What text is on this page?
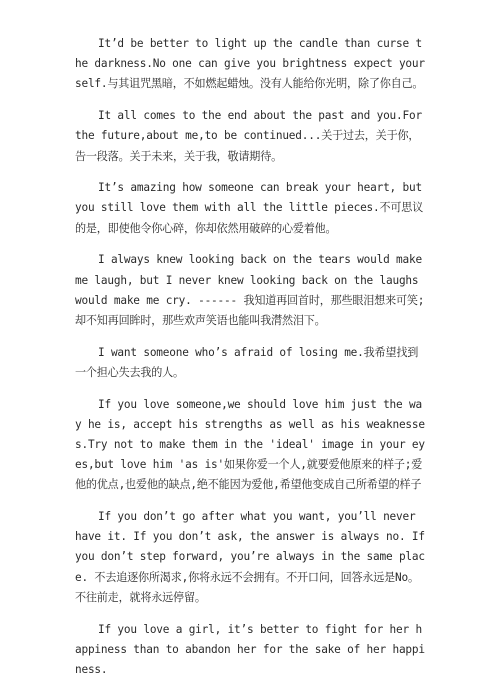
It’d be better to light up the candle than curse the darkness.No one can give you brightness expect yourself.与其诅咒黑暗，不如燃起蜡烛。没有人能给你光明，除了你自己。

It all comes to the end about the past and you.For the future,about me,to be continued...关于过去，关于你，告一段落。关于未来，关于我，敬请期待。

It’s amazing how someone can break your heart, but you still love them with all the little pieces.不可思议的是，即使他令你心碎，你却依然用破碎的心爱着他。

I always knew looking back on the tears would make me laugh, but I never knew looking back on the laughs would make me cry. ------ 我知道再回首时，那些眼泪想来可笑;却不知再回眸时，那些欢声笑语也能叫我潸然泪下。

I want someone who’s afraid of losing me.我希望找到一个担心失去我的人。

If you love someone,we should love him just the way he is, accept his strengths as well as his weaknesses.Try not to make them in the 'ideal' image in your eyes,but love him 'as is'如果你爱一个人,就要爱他原来的样子;爱他的优点,也爱他的缺点,绝不能因为爱他,希望他变成自己所希望的样子

If you don’t go after what you want, you’ll never have it. If you don’t ask, the answer is always no. If you don’t step forward, you’re always in the same place. 不去追逐你所渴求,你将永远不会拥有。不开口问，回答永远是No。不往前走，就将永远停留。

If you love a girl, it’s better to fight for her happiness than to abandon her for the sake of her happiness.
